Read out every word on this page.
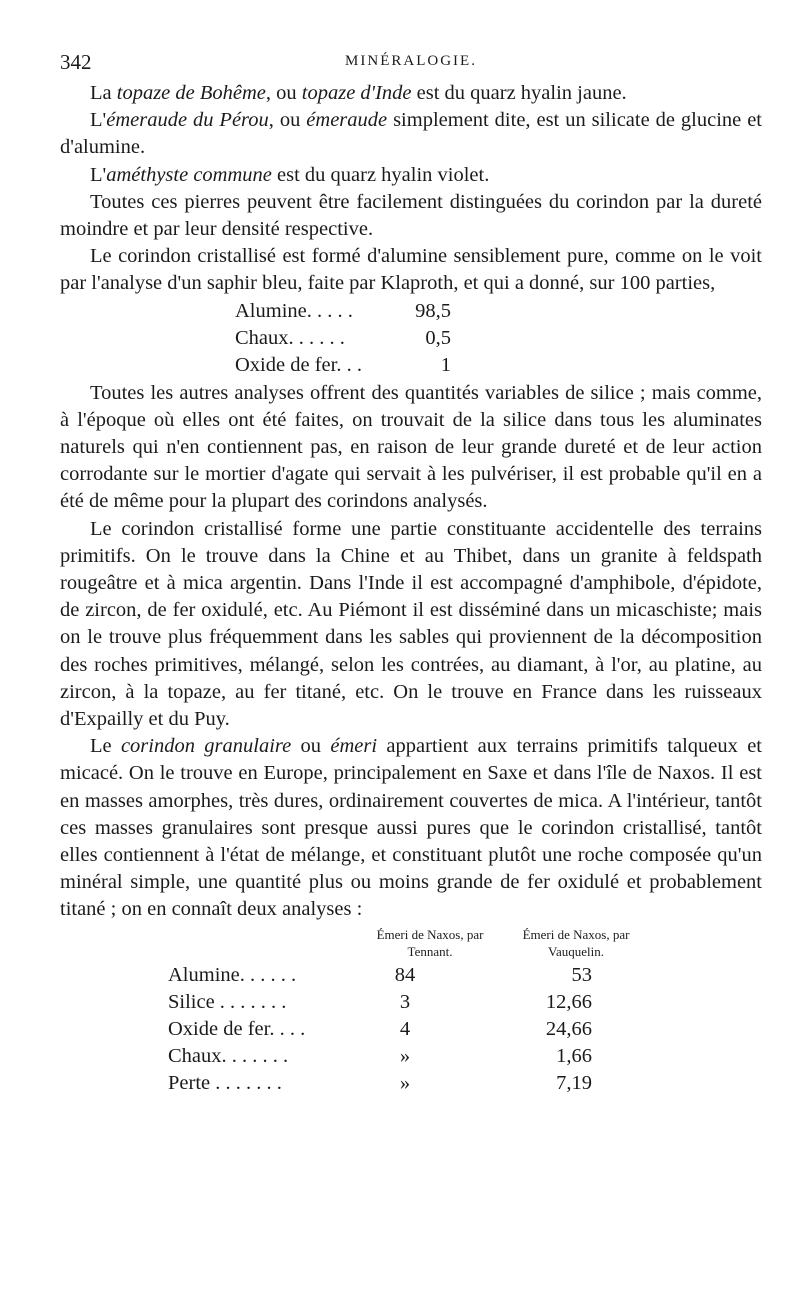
342	MINÉRALOGIE.

La topaze de Bohême, ou topaze d'Inde est du quarz hyalin jaune.

L'émeraude du Pérou, ou émeraude simplement dite, est un silicate de glucine et d'alumine.

L'améthyste commune est du quarz hyalin violet.

Toutes ces pierres peuvent être facilement distinguées du corindon par la dureté moindre et par leur densité respective.

Le corindon cristallisé est formé d'alumine sensiblement pure, comme on le voit par l'analyse d'un saphir bleu, faite par Klaproth, et qui a donné, sur 100 parties,

Alumine. . . . .	98,5
Chaux. . . . . .	0,5
Oxide de fer. . .	1

Toutes les autres analyses offrent des quantités variables de silice ; mais comme, à l'époque où elles ont été faites, on trouvait de la silice dans tous les aluminates naturels qui n'en contiennent pas, en raison de leur grande dureté et de leur action corrodante sur le mortier d'agate qui servait à les pulvériser, il est probable qu'il en a été de même pour la plupart des corindons analysés.

Le corindon cristallisé forme une partie constituante accidentelle des terrains primitifs. On le trouve dans la Chine et au Thibet, dans un granite à feldspath rougeâtre et à mica argentin. Dans l'Inde il est accompagné d'amphibole, d'épidote, de zircon, de fer oxidulé, etc. Au Piémont il est disséminé dans un micaschiste; mais on le trouve plus fréquemment dans les sables qui proviennent de la décomposition des roches primitives, mélangé, selon les contrées, au diamant, à l'or, au platine, au zircon, à la topaze, au fer titané, etc. On le trouve en France dans les ruisseaux d'Expailly et du Puy.

Le corindon granulaire ou émeri appartient aux terrains primitifs talqueux et micacé. On le trouve en Europe, principalement en Saxe et dans l'île de Naxos. Il est en masses amorphes, très dures, ordinairement couvertes de mica. A l'intérieur, tantôt ces masses granulaires sont presque aussi pures que le corindon cristallisé, tantôt elles contiennent à l'état de mélange, et constituant plutôt une roche composée qu'un minéral simple, une quantité plus ou moins grande de fer oxidulé et probablement titané ; on en connaît deux analyses :

Émeri de Naxos, par Tennant.
Émeri de Naxos, par Vauquelin.
Alumine. . . . . .	84	53
Silice . . . . . . .	3	12,66
Oxide de fer. . . .	4	24,66
Chaux. . . . . . .	»	1,66
Perte . . . . . . .	»	7,19
